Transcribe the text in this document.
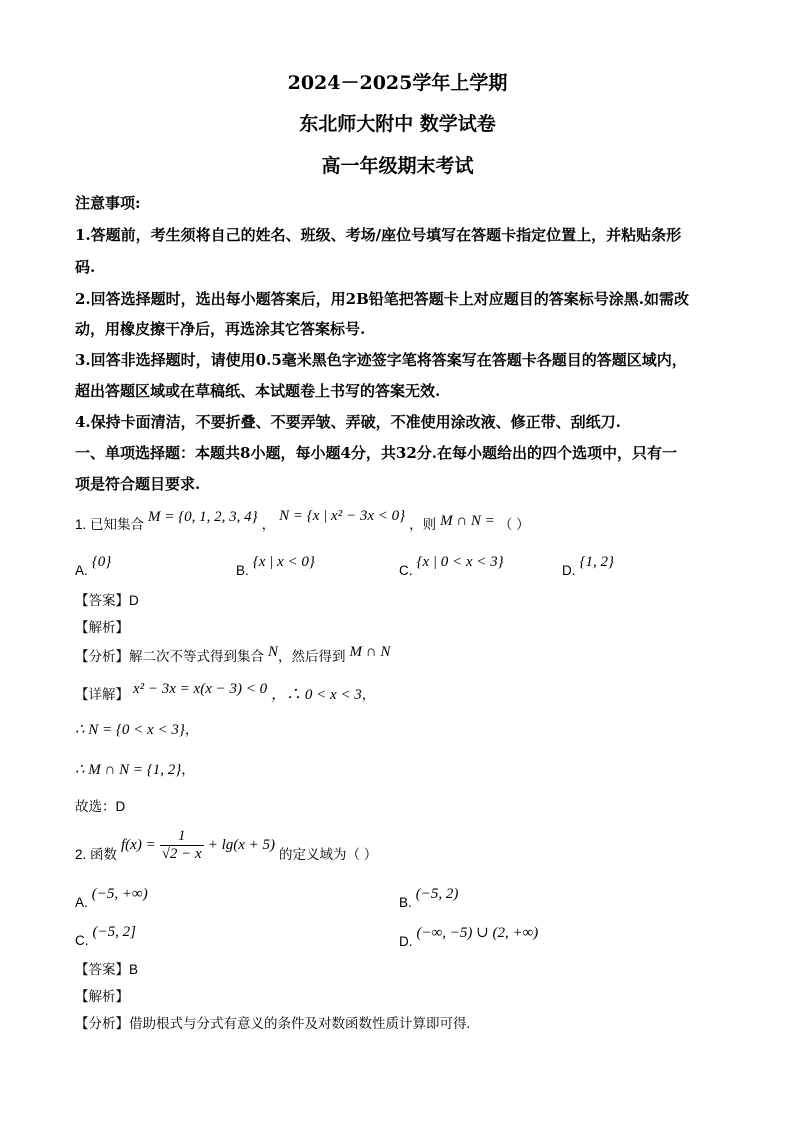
2024－2025学年上学期
东北师大附中 数学试卷
高一年级期末考试
注意事项:
1.答题前，考生须将自己的姓名、班级、考场/座位号填写在答题卡指定位置上，并粘贴条形
码.
2.回答选择题时，选出每小题答案后，用2B铅笔把答题卡上对应题目的答案标号涂黑.如需改
动，用橡皮擦干净后，再选涂其它答案标号.
3.回答非选择题时，请使用0.5毫米黑色字迹签字笔将答案写在答题卡各题目的答题区域内，
超出答题区域或在草稿纸、本试题卷上书写的答案无效.
4.保持卡面清洁，不要折叠、不要弄皱、弄破，不准使用涂改液、修正带、刮纸刀.
一、单项选择题：本题共8小题，每小题4分，共32分.在每小题给出的四个选项中，只有一
项是符合题目要求.
1. 已知集合 M = {0, 1, 2, 3, 4} ， N = {x | x² − 3x < 0} ，则 M ∩ N = （ ）
$_{A.}$ {0}
$_{B.}$ {x | x < 0}
$_{C.}$ {x | 0 < x < 3}
$_{D.}$ {1, 2}
【答案】D
【解析】
【分析】解二次不等式得到集合 N，然后得到 M ∩ N
【详解】 x² − 3x = x(x − 3) < 0 ，∴ 0 < x < 3，
∴ N = {0 < x < 3}，
∴ M ∩ N = {1, 2}，
故选：D
$_{2. 函数}$ $f(x) = \frac{1}{√2 - x} + \lg(x + 5)$ $_{的定义域为( )}$
$_{A.}$ (−5, +∞)
$_{B.}$ (−5, 2)
$_{C.}$ (−5, 2]
$_{D.}$ (−∞, −5) ∪ (2, +∞)
【答案】B
【解析】
【分析】借助根式与分式有意义的条件及对数函数性质计算即可得.
